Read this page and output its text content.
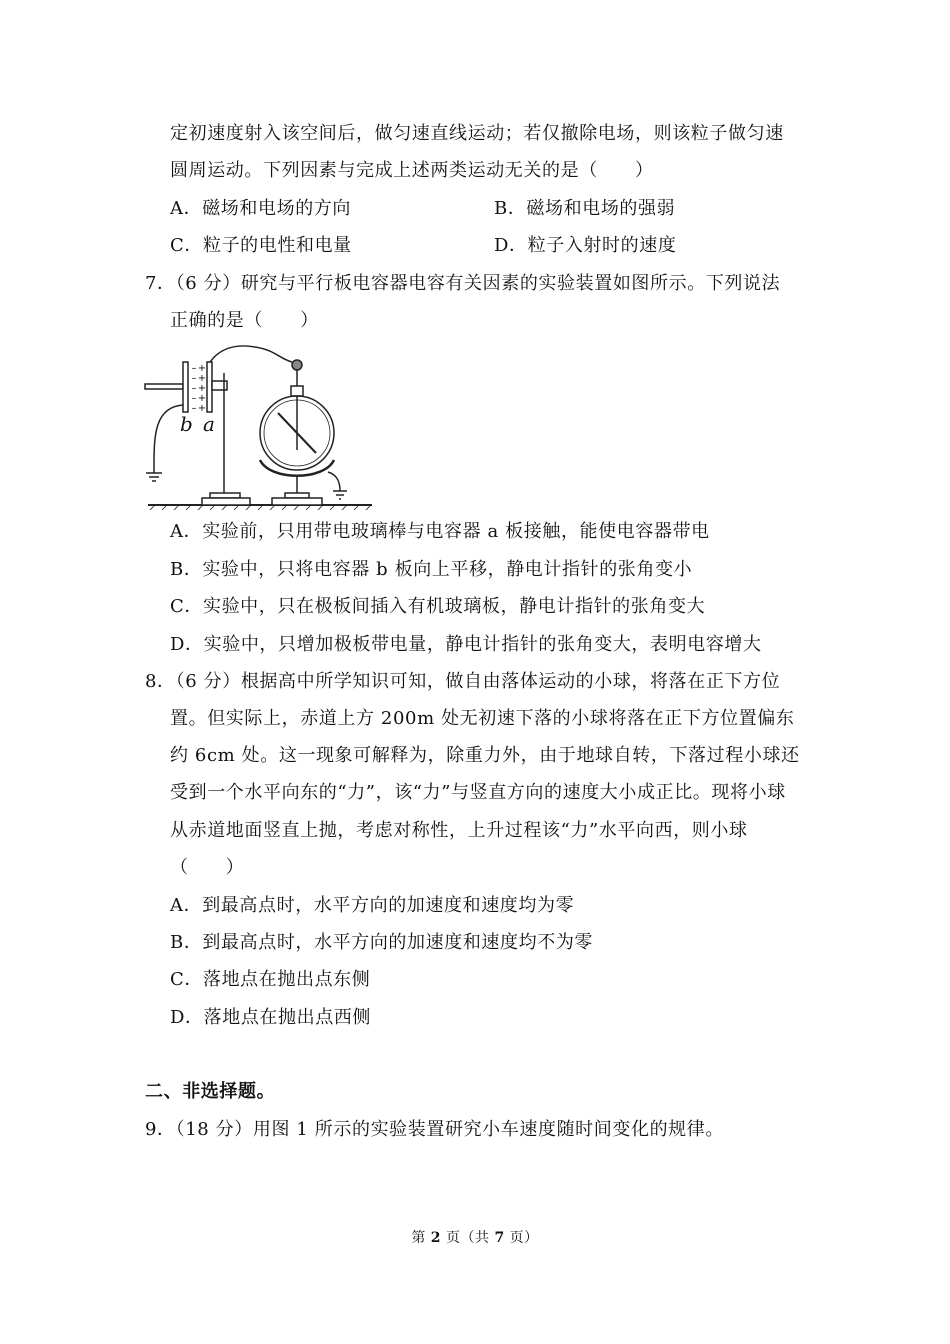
定初速度射入该空间后，做匀速直线运动；若仅撤除电场，则该粒子做匀速
圆周运动。下列因素与完成上述两类运动无关的是（　　）
A．磁场和电场的方向	B．磁场和电场的强弱
C．粒子的电性和电量	D．粒子入射时的速度
7．（6 分）研究与平行板电容器电容有关因素的实验装置如图所示。下列说法
正确的是（　　）
–
–
–
–
–
+
+
+
+
+
b a
A．实验前，只用带电玻璃棒与电容器 a 板接触，能使电容器带电
B．实验中，只将电容器 b 板向上平移，静电计指针的张角变小
C．实验中，只在极板间插入有机玻璃板，静电计指针的张角变大
D．实验中，只增加极板带电量，静电计指针的张角变大，表明电容增大
8．（6 分）根据高中所学知识可知，做自由落体运动的小球，将落在正下方位
置。但实际上，赤道上方 200m 处无初速下落的小球将落在正下方位置偏东
约 6cm 处。这一现象可解释为，除重力外，由于地球自转，下落过程小球还
受到一个水平向东的“力”，该“力”与竖直方向的速度大小成正比。现将小球
从赤道地面竖直上抛，考虑对称性，上升过程该“力”水平向西，则小球
（　　）
A．到最高点时，水平方向的加速度和速度均为零
B．到最高点时，水平方向的加速度和速度均不为零
C．落地点在抛出点东侧
D．落地点在抛出点西侧
二、非选择题。
9．（18 分）用图 1 所示的实验装置研究小车速度随时间变化的规律。
第 2 页（共 7 页）
